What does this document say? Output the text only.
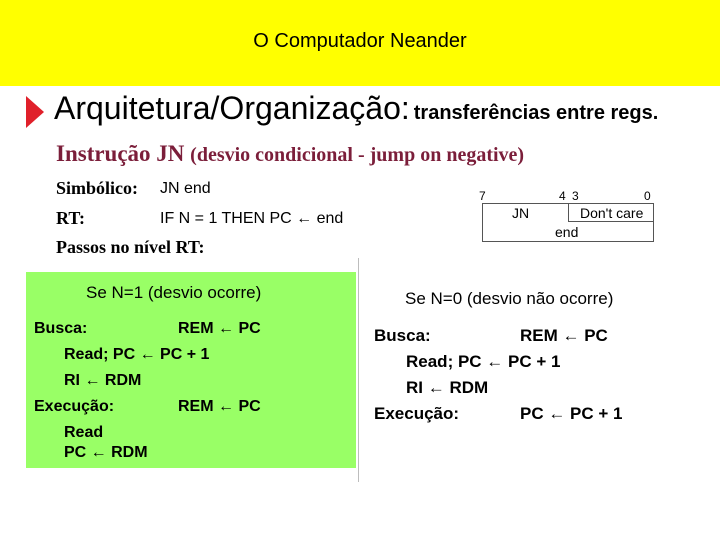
O Computador Neander
Arquitetura/Organização: transferências entre regs.
Instrução JN (desvio condicional - jump on negative)
Simbólico: JN end
RT:	IF N = 1 THEN PC ← end
Passos no nível RT:
7	4 3	0
JN	Don't care
end
Se N=1 (desvio ocorre)
Busca:	REM ← PC
Read; PC ← PC + 1
RI ← RDM
Execução:	REM ← PC
Read
PC ← RDM
Se N=0 (desvio não ocorre)
Busca:	REM ← PC
Read; PC ← PC + 1
RI ← RDM
Execução:	PC ← PC + 1
